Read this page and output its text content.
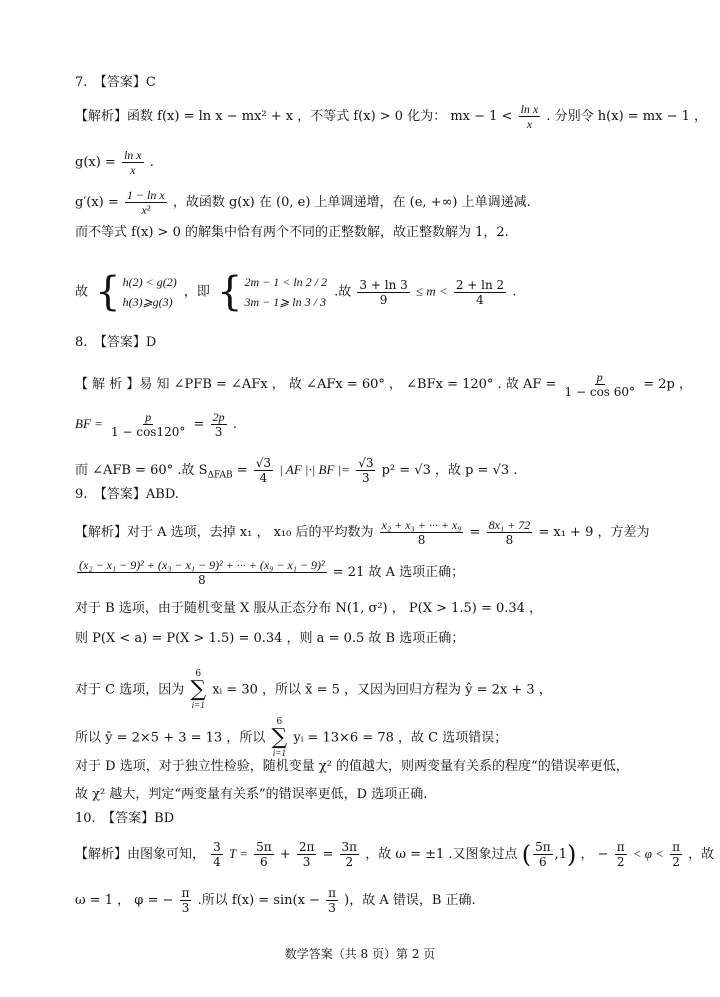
7.　【答案】C
【解析】函数 f(x) = ln x − mx² + x ，不等式 f(x) > 0 化为： mx − $1 < \frac{\text{ln x}}{x}$ . 分别令 h(x) = mx − 1 ，
$g(x) = \frac{\text{ln x}}{x}$ .
$g'(x) = \frac{\text{1 − ln x}}{\text{x²}}$ ，故函数 g(x) 在 (0, e) 上单调递增，在 (e, +∞) 上单调递减.
而不等式 f(x) > 0 的解集中恰有两个不同的正整数解，故正整数解为 1，2.
故 { h(2) < g(2)
h(3)⩾g(3)
，即 { 2m − 1 < ln 2 / 2
3m − 1⩾ ln 3 / 3
.故 $\frac{3 + \ln 3}{9} \le m < \frac{2 + \ln 2}{4}$ .
8.　【答案】D
【 解 析 】易 知 ∠PFB = ∠AFx ， 故 ∠AFx = 60° ， ∠BFx = 120° . 故 AF = $\frac{p}{1 - \cos 60^\circ} = 2p$ ，
BF = $\frac{p}{1 - \cos 120^\circ} = \frac{2p}{3}$ .
而 ∠AFB = 60° .故 $S_{\Delta FAB} = \frac{√3}{4}$ | AF |·| BF |= $\frac{√3}{3} p^2 = √3$ ，故 p = √3 .
9.　【答案】ABD.
【解析】对于 A 选项，去掉 x₁ ， x₁₀ 后的平均数为 $\frac{\text{x₂ + x₃ + ··· + x₉}}{8} = \frac{\text{8x₁ + 72}}{8} = x_1 + 9$ ，方差为
$\frac{\text{(x₂ − x₁ − 9)² + (x₃ − x₁ − 9)² + ··· + (x₉ − x₁ − 9)²}}{8} = 21$ 故 A 选项正确；
对于 B 选项，由于随机变量 X 服从正态分布 N(1, σ²) ， P(X > 1.5) = 0.34 ，
则 P(X < a) = P(X > 1.5) = 0.34 ，则 a = 0.5 故 B 选项正确；
对于 C 选项，因为
6
∑
i=1
xᵢ = 30 ，所以 x̄ = 5 ，又因为回归方程为 ŷ = 2x + 3 ，
所以 ȳ = 2×5 + 3 = 13 ，所以
6
∑
i=1
yᵢ = 13×6 = 78 ，故 C 选项错误；
对于 D 选项，对于独立性检验，随机变量 χ² 的值越大，则两变量有关系的程度“的错误率更低，
故 χ² 越大，判定“两变量有关系”的错误率更低，D 选项正确.
10.　【答案】BD
【解析】由图象可知， $\frac{3}{4}$ $T = \frac{5\pi}{6} + \frac{2\pi}{3} = \frac{3\pi}{2}$ ，故 ω = ±1 .又图象过点 ( $\frac{5\pi}{6} ,1$) ， − $\frac{\pi}{2} < \varphi < \frac{\pi}{2}$ ，故
ω = 1 ， φ = − $\frac{\pi}{3}$ .所以 $f(x) = \sin(x - \frac{\pi}{3}$ )，故 A 错误，B 正确.
数学答案（共 8 页）第 2 页
